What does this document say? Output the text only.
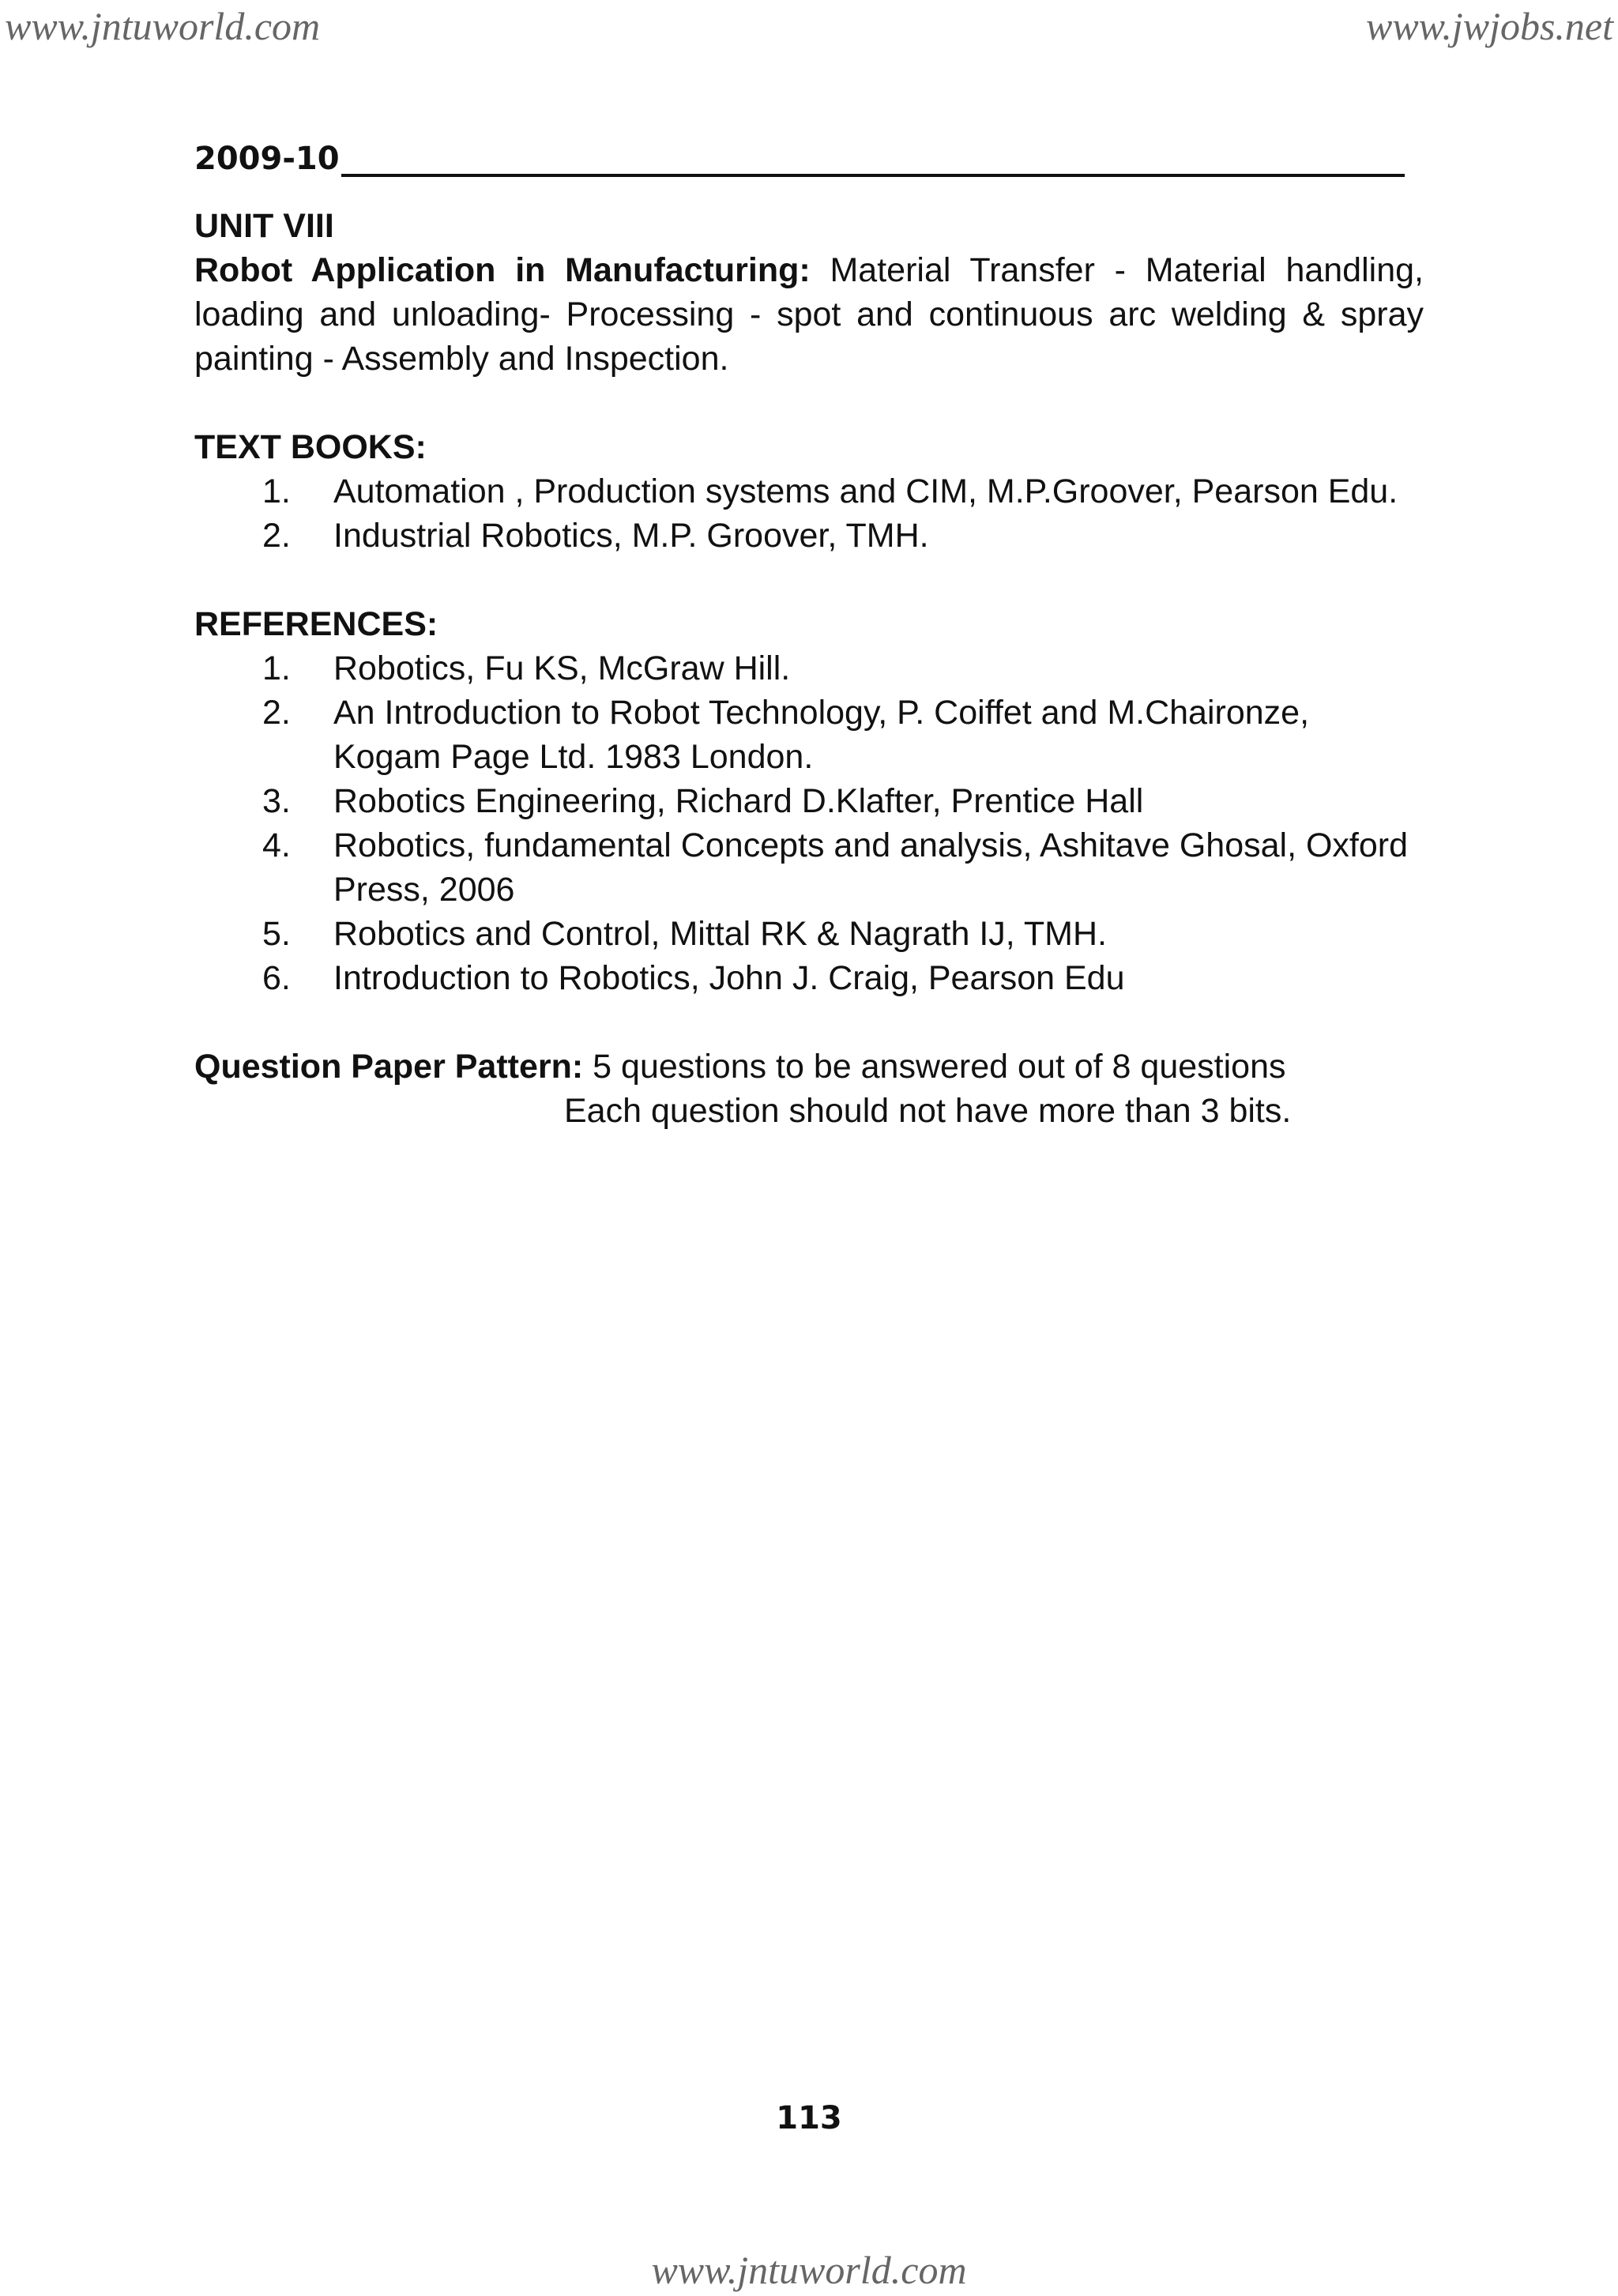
www.jntuworld.com	www.jwjobs.net
2009-10

UNIT VIII

Robot Application in Manufacturing: Material Transfer - Material handling, loading and unloading- Processing - spot and continuous arc welding & spray painting - Assembly and Inspection.

TEXT BOOKS:

1. Automation , Production systems and CIM, M.P.Groover, Pearson Edu.
2. Industrial Robotics, M.P. Groover, TMH.

REFERENCES:

1. Robotics, Fu KS, McGraw Hill.
2. An Introduction to Robot Technology, P. Coiffet and M.Chaironze, Kogam Page Ltd. 1983 London.
3. Robotics Engineering, Richard D.Klafter, Prentice Hall
4. Robotics, fundamental Concepts and analysis, Ashitave Ghosal, Oxford Press, 2006
5. Robotics and Control, Mittal RK & Nagrath IJ, TMH.
6. Introduction to Robotics, John J. Craig, Pearson Edu

Question Paper Pattern: 5 questions to be answered out of 8 questions

Each question should not have more than 3 bits.

113
www.jntuworld.com
